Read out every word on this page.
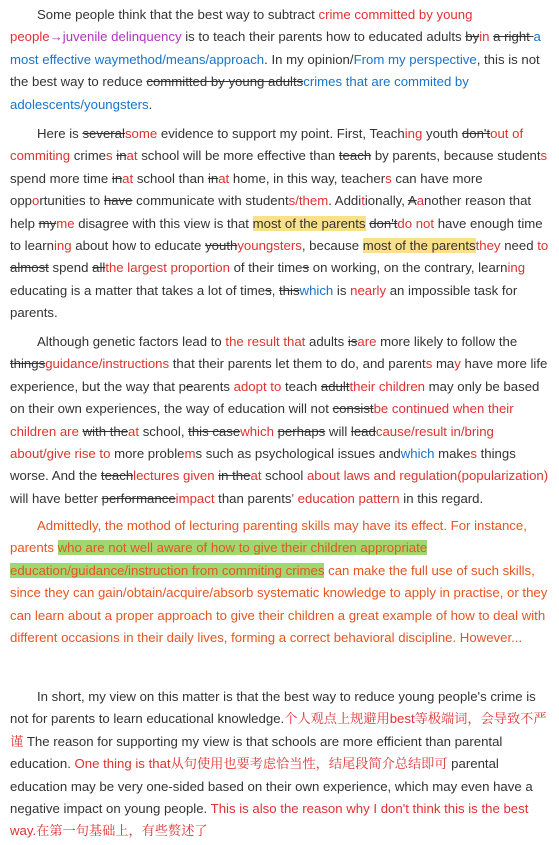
Some people think that the best way to subtract crime committed by young people→juvenile delinquency is to teach their parents how to educated adults byin a right a most effective waymethod/means/approach. In my opinion/From my perspective, this is not the best way to reduce committed by young adultscrimes that are commited by adolescents/youngsters.

Here is severalsome evidence to support my point. First, Teaching youth don'tout of commiting crimes inat school will be more effective than teach by parents, because students spend more time inat school than inat home, in this way, teachers can have more opportunities to have communicate with students/them. Additionally, Aanother reason that help myme disagree with this view is that most of the parents don'tdo not have enough time to learning about how to educate youthyoungsters, because most of the parentsthey need to almost spend allthe largest proportion of their times on working, on the contrary, learning educating is a matter that takes a lot of times, thiswhich is nearly an impossible task for parents.

Although genetic factors lead to the result that adults isare more likely to follow the thingsguidance/instructions that their parents let them to do, and parents may have more life experience, but the way that pearents adopt to teach adulttheir children may only be based on their own experiences, the way of education will not consistbe continued when their children are with theat school, this casewhich perhaps will leadcause/result in/bring about/give rise to more problems such as psychological issues andwhich makes things worse. And the teachlectures given in theat school about laws and regulation(popularization) will have better performanceimpact than parents' education pattern in this regard.

Admittedly, the mothod of lecturing parenting skills may have its effect. For instance, parents who are not well aware of how to give their children appropriate education/guidance/instruction from commiting crimes can make the full use of such skills, since they can gain/obtain/acquire/absorb systematic knowledge to apply in practise, or they can learn about a proper approach to give their children a great example of how to deal with different occasions in their daily lives, forming a correct behavioral discipline. However...

In short, my view on this matter is that the best way to reduce young people's crime is not for parents to learn educational knowledge.个人观点上规避用best等极端词，会导致不严谨 The reason for supporting my view is that schools are more efficient than parental education. One thing is that从句使用也要考虑恰当性，结尾段简介总结即可 parental education may be very one-sided based on their own experience, which may even have a negative impact on young people. This is also the reason why I don't think this is the best way.在第一句基础上，有些赘述了
